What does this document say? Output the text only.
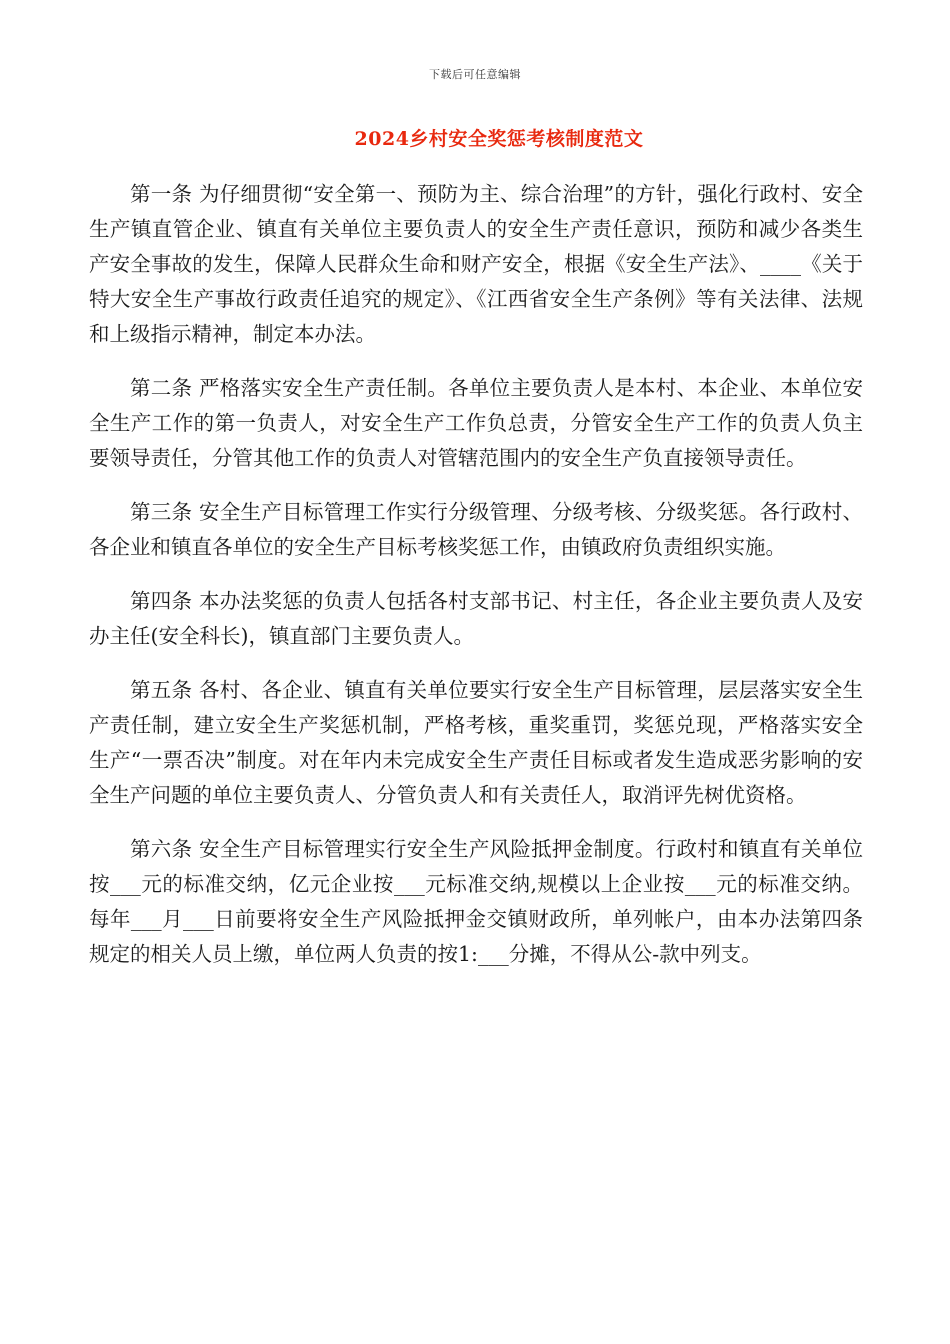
下载后可任意编辑
2024乡村安全奖惩考核制度范文

第一条 为仔细贯彻“安全第一、预防为主、综合治理”的方针，强化行政村、安全生产镇直管企业、镇直有关单位主要负责人的安全生产责任意识，预防和减少各类生产安全事故的发生，保障人民群众生命和财产安全，根据《安全生产法》、____《关于特大安全生产事故行政责任追究的规定》、《江西省安全生产条例》等有关法律、法规和上级指示精神，制定本办法。

第二条 严格落实安全生产责任制。各单位主要负责人是本村、本企业、本单位安全生产工作的第一负责人，对安全生产工作负总责，分管安全生产工作的负责人负主要领导责任，分管其他工作的负责人对管辖范围内的安全生产负直接领导责任。

第三条 安全生产目标管理工作实行分级管理、分级考核、分级奖惩。各行政村、各企业和镇直各单位的安全生产目标考核奖惩工作，由镇政府负责组织实施。

第四条 本办法奖惩的负责人包括各村支部书记、村主任，各企业主要负责人及安办主任(安全科长)，镇直部门主要负责人。

第五条 各村、各企业、镇直有关单位要实行安全生产目标管理，层层落实安全生产责任制，建立安全生产奖惩机制，严格考核，重奖重罚，奖惩兑现，严格落实安全生产“一票否决”制度。对在年内未完成安全生产责任目标或者发生造成恶劣影响的安全生产问题的单位主要负责人、分管负责人和有关责任人，取消评先树优资格。

第六条 安全生产目标管理实行安全生产风险抵押金制度。行政村和镇直有关单位按___元的标准交纳，亿元企业按___元标准交纳,规模以上企业按___元的标准交纳。每年___月___日前要将安全生产风险抵押金交镇财政所，单列帐户，由本办法第四条规定的相关人员上缴，单位两人负责的按1:___分摊，不得从公-款中列支。
